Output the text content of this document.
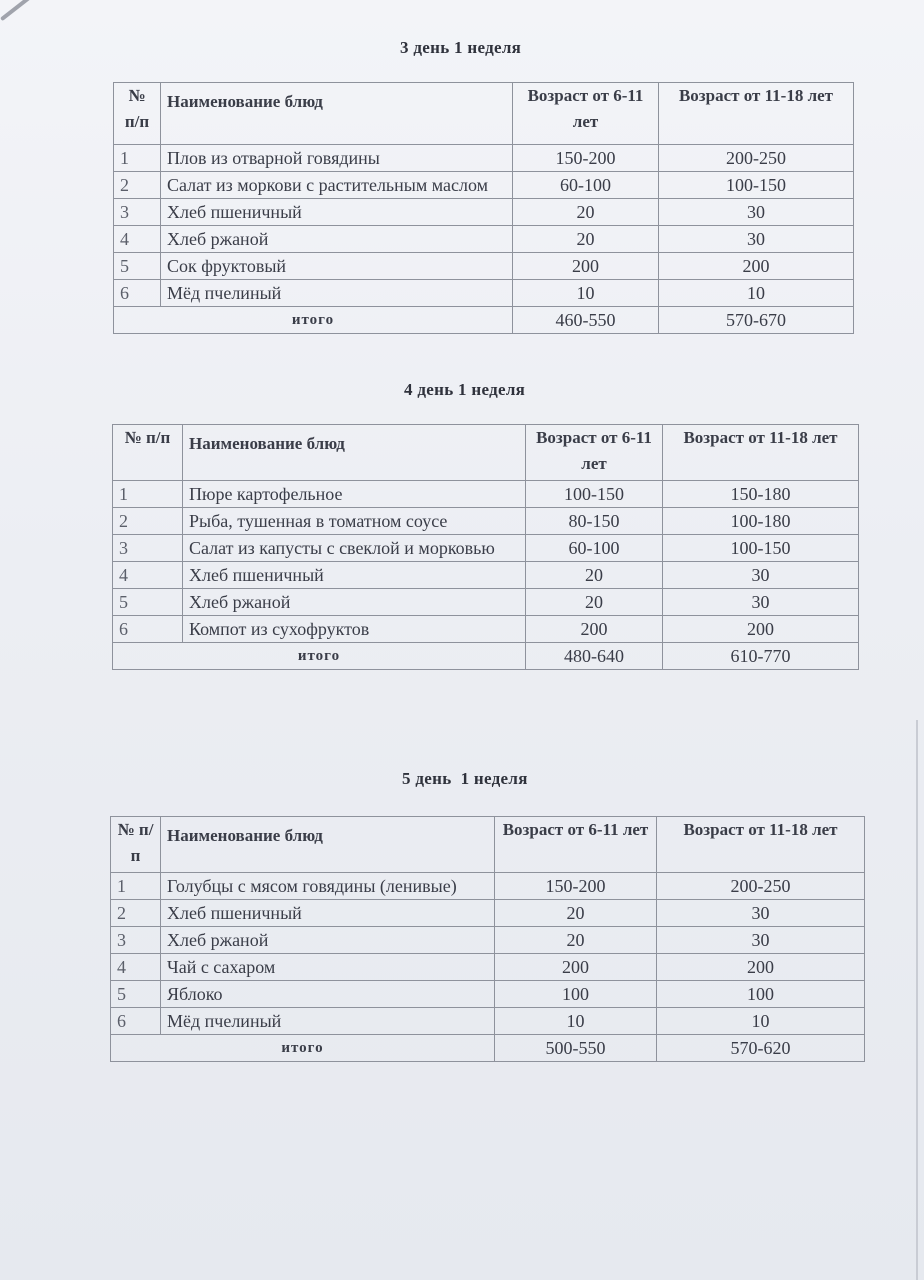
3 день 1 неделя
№ п/п	Наименование блюд	Возраст от 6-11 лет	Возраст от 11-18 лет
1	Плов из отварной говядины	150-200	200-250
2	Салат из моркови с растительным маслом	60-100	100-150
3	Хлеб пшеничный	20	30
4	Хлеб ржаной	20	30
5	Сок фруктовый	200	200
6	Мёд пчелиный	10	10
итого		460-550	570-670
4 день 1 неделя
№ п/п	Наименование блюд	Возраст от 6-11 лет	Возраст от 11-18 лет
1	Пюре картофельное	100-150	150-180
2	Рыба, тушенная в томатном соусе	80-150	100-180
3	Салат из капусты с свеклой и морковью	60-100	100-150
4	Хлеб пшеничный	20	30
5	Хлеб ржаной	20	30
6	Компот из сухофруктов	200	200
итого		480-640	610-770
5 день  1 неделя
№ п/п	Наименование блюд	Возраст от 6-11 лет	Возраст от 11-18 лет
1	Голубцы с мясом говядины (ленивые)	150-200	200-250
2	Хлеб пшеничный	20	30
3	Хлеб ржаной	20	30
4	Чай с сахаром	200	200
5	Яблоко	100	100
6	Мёд пчелиный	10	10
итого		500-550	570-620
